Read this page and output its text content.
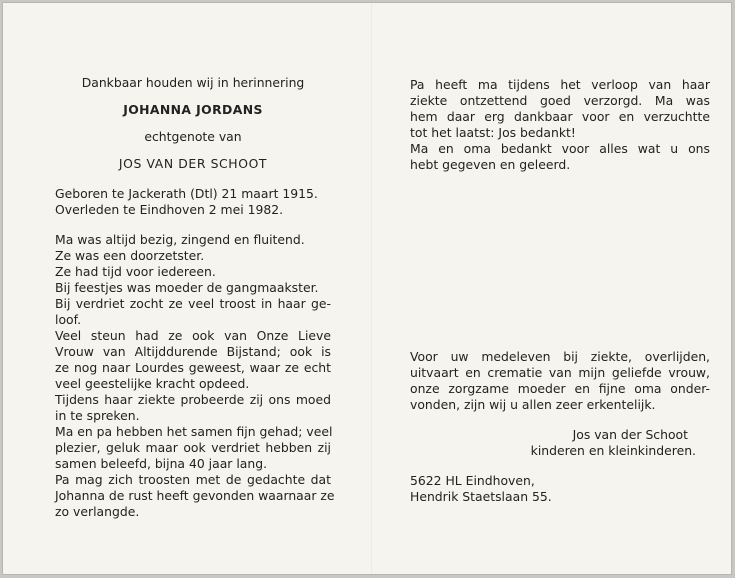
Dankbaar houden wij in herinnering
JOHANNA JORDANS
echtgenote van
JOS VAN DER SCHOOT
Geboren te Jackerath (Dtl) 21 maart 1915.
Overleden te Eindhoven 2 mei 1982.
Ma was altijd bezig, zingend en fluitend.
Ze was een doorzetster.
Ze had tijd voor iedereen.
Bij feestjes was moeder de gangmaakster.
Bij verdriet zocht ze veel troost in haar ge-
loof.
Veel steun had ze ook van Onze Lieve
Vrouw van Altijddurende Bijstand; ook is
ze nog naar Lourdes geweest, waar ze echt
veel geestelijke kracht opdeed.
Tijdens haar ziekte probeerde zij ons moed
in te spreken.
Ma en pa hebben het samen fijn gehad; veel
plezier, geluk maar ook verdriet hebben zij
samen beleefd, bijna 40 jaar lang.
Pa mag zich troosten met de gedachte dat
Johanna de rust heeft gevonden waarnaar ze
zo verlangde.
Pa heeft ma tijdens het verloop van haar
ziekte ontzettend goed verzorgd. Ma was
hem daar erg dankbaar voor en verzuchtte
tot het laatst: Jos bedankt!
Ma en oma bedankt voor alles wat u ons
hebt gegeven en geleerd.
Voor uw medeleven bij ziekte, overlijden,
uitvaart en crematie van mijn geliefde vrouw,
onze zorgzame moeder en fijne oma onder-
vonden, zijn wij u allen zeer erkentelijk.
Jos van der Schoot
kinderen en kleinkinderen.
5622 HL Eindhoven,
Hendrik Staetslaan 55.
